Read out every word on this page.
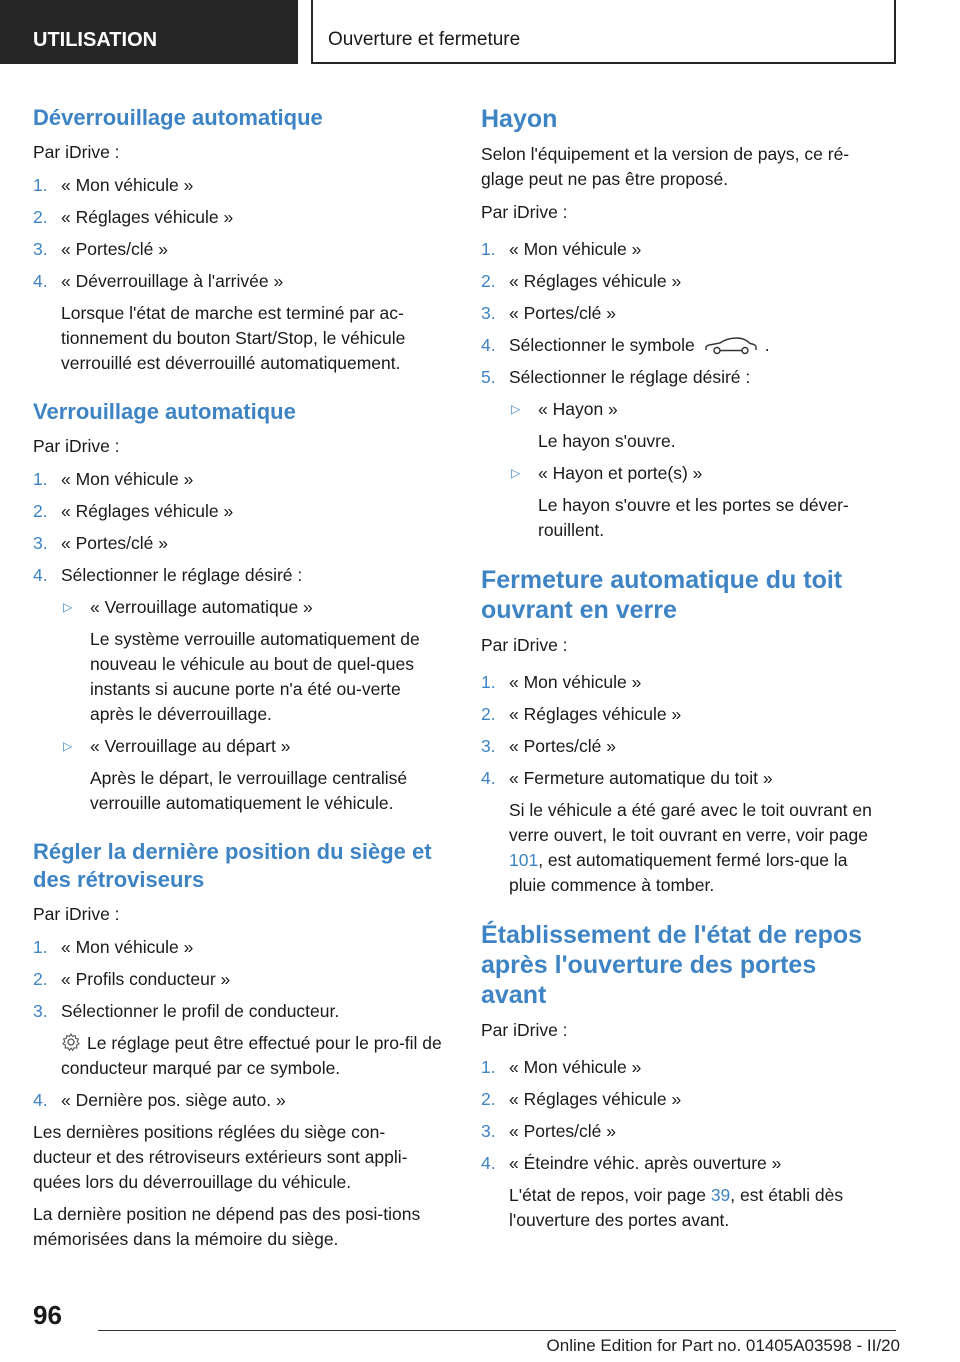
UTILISATION	Ouverture et fermeture
Déverrouillage automatique

Par iDrive :

1. « Mon véhicule »
2. « Réglages véhicule »
3. « Portes/clé »
4. « Déverrouillage à l'arrivée »
Lorsque l'état de marche est terminé par ac-tionnement du bouton Start/Stop, le véhicule verrouillé est déverrouillé automatiquement.
Verrouillage automatique

Par iDrive :

1. « Mon véhicule »
2. « Réglages véhicule »
3. « Portes/clé »
4. Sélectionner le réglage désiré :
▷	« Verrouillage automatique »
Le système verrouille automatiquement de nouveau le véhicule au bout de quel-ques instants si aucune porte n'a été ou-verte après le déverrouillage.
▷	« Verrouillage au départ »
Après le départ, le verrouillage centralisé verrouille automatiquement le véhicule.
Régler la dernière position du siège et des rétroviseurs

Par iDrive :

1. « Mon véhicule »
2. « Profils conducteur »
3. Sélectionner le profil de conducteur.
Le réglage peut être effectué pour le pro-fil de conducteur marqué par ce symbole.
4. « Dernière pos. siège auto. »

Les dernières positions réglées du siège con-ducteur et des rétroviseurs extérieurs sont appli-quées lors du déverrouillage du véhicule.

La dernière position ne dépend pas des posi-tions mémorisées dans la mémoire du siège.

Hayon

Selon l'équipement et la version de pays, ce ré-glage peut ne pas être proposé.

Par iDrive :

1. « Mon véhicule »
2. « Réglages véhicule »
3. « Portes/clé »
4. Sélectionner le symbole	.
5. Sélectionner le réglage désiré :
▷	« Hayon »
Le hayon s'ouvre.
▷	« Hayon et porte(s) »
Le hayon s'ouvre et les portes se déver-rouillent.
Fermeture automatique du toit ouvrant en verre

Par iDrive :

1. « Mon véhicule »
2. « Réglages véhicule »
3. « Portes/clé »
4. « Fermeture automatique du toit »
Si le véhicule a été garé avec le toit ouvrant en verre ouvert, le toit ouvrant en verre, voir page 101, est automatiquement fermé lors-que la pluie commence à tomber.
Établissement de l'état de repos après l'ouverture des portes avant

Par iDrive :

1. « Mon véhicule »
2. « Réglages véhicule »
3. « Portes/clé »
4. « Éteindre véhic. après ouverture »
L'état de repos, voir page 39, est établi dès l'ouverture des portes avant.
96
Online Edition for Part no. 01405A03598 - II/20
